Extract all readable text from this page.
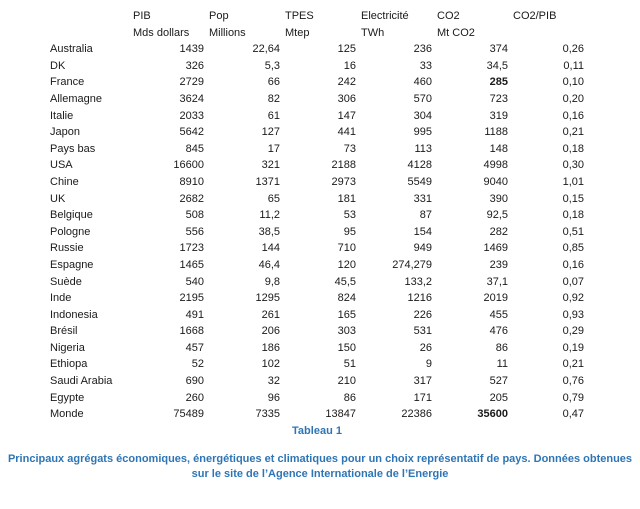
	PIB	Pop	TPES	Electricité	CO2	CO2/PIB
	Mds dollars	Millions	Mtep	TWh	Mt CO2	
Australia	1439	22,64	125	236	374	0,26
DK	326	5,3	16	33	34,5	0,11
France	2729	66	242	460	285	0,10
Allemagne	3624	82	306	570	723	0,20
Italie	2033	61	147	304	319	0,16
Japon	5642	127	441	995	1188	0,21
Pays bas	845	17	73	113	148	0,18
USA	16600	321	2188	4128	4998	0,30
Chine	8910	1371	2973	5549	9040	1,01
UK	2682	65	181	331	390	0,15
Belgique	508	11,2	53	87	92,5	0,18
Pologne	556	38,5	95	154	282	0,51
Russie	1723	144	710	949	1469	0,85
Espagne	1465	46,4	120	274,279	239	0,16
Suède	540	9,8	45,5	133,2	37,1	0,07
Inde	2195	1295	824	1216	2019	0,92
Indonesia	491	261	165	226	455	0,93
Brésil	1668	206	303	531	476	0,29
Nigeria	457	186	150	26	86	0,19
Ethiopa	52	102	51	9	11	0,21
Saudi Arabia	690	32	210	317	527	0,76
Egypte	260	96	86	171	205	0,79
Monde	75489	7335	13847	22386	35600	0,47
Tableau 1
Principaux agrégats économiques, énergétiques et climatiques pour un choix représentatif de pays. Données obtenues sur le site de l’Agence Internationale de l’Energie
